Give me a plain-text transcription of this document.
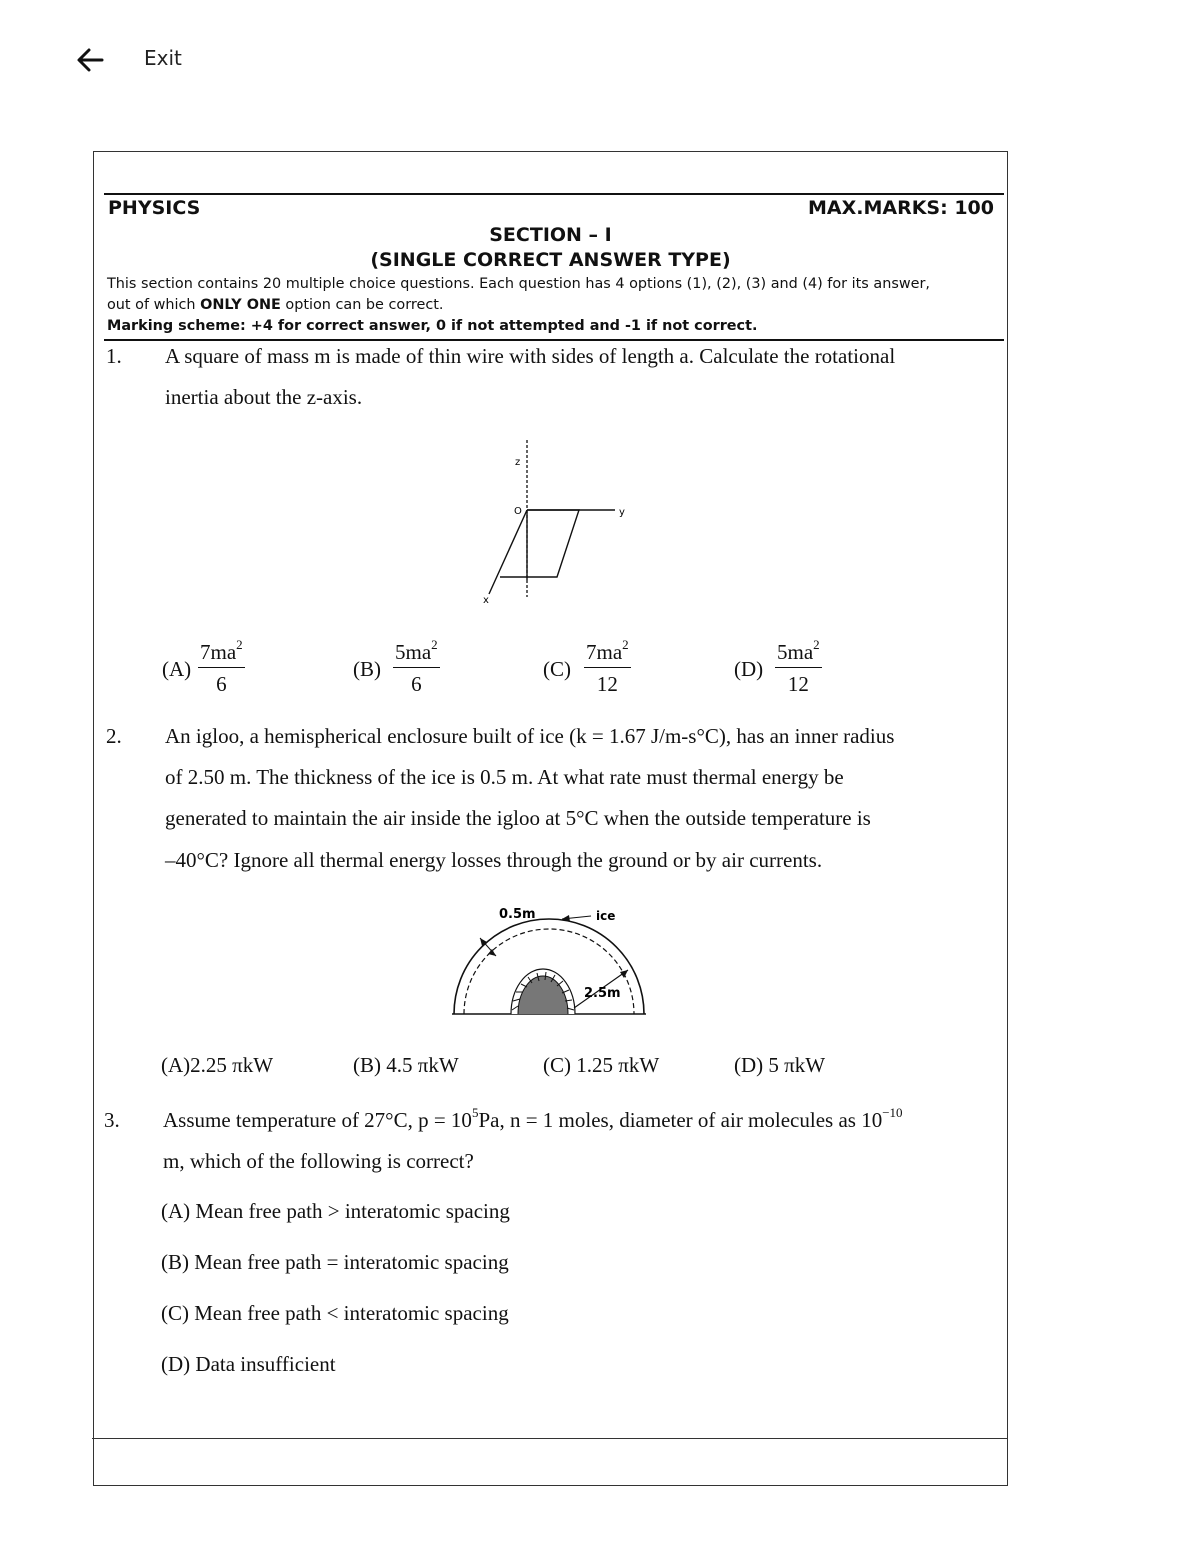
Exit
PHYSICS	MAX.MARKS: 100
SECTION – I
(SINGLE CORRECT ANSWER TYPE)
This section contains 20 multiple choice questions. Each question has 4 options (1), (2), (3) and (4) for its answer,
out of which ONLY ONE option can be correct.
Marking scheme: +4 for correct answer, 0 if not attempted and -1 if not correct.
1. A square of mass m is made of thin wire with sides of length a. Calculate the rotational
inertia about the z-axis.
z
O	y
x
$(A) \frac{7ma^2}{6}$	$(B) \frac{5ma^2}{6}$	$(C) \frac{7ma^2}{12}$	$(D) \frac{5ma^2}{12}$
2. An igloo, a hemispherical enclosure built of ice (k = 1.67 J/m-s°C), has an inner radius
of 2.50 m. The thickness of the ice is 0.5 m. At what rate must thermal energy be
generated to maintain the air inside the igloo at 5°C when the outside temperature is
–40°C? Ignore all thermal energy losses through the ground or by air currents.
0.5m	ice
2.5m
(A)2.25 πkW	(B) 4.5 πkW	(C) 1.25 πkW	(D) 5 πkW
3. Assume temperature of 27°C, $p = 10^5Pa$, n = 1 moles, diameter of air molecules as $10^{-10}$
m, which of the following is correct?
(A) Mean free path > interatomic spacing
(B) Mean free path = interatomic spacing
(C) Mean free path < interatomic spacing
(D) Data insufficient
